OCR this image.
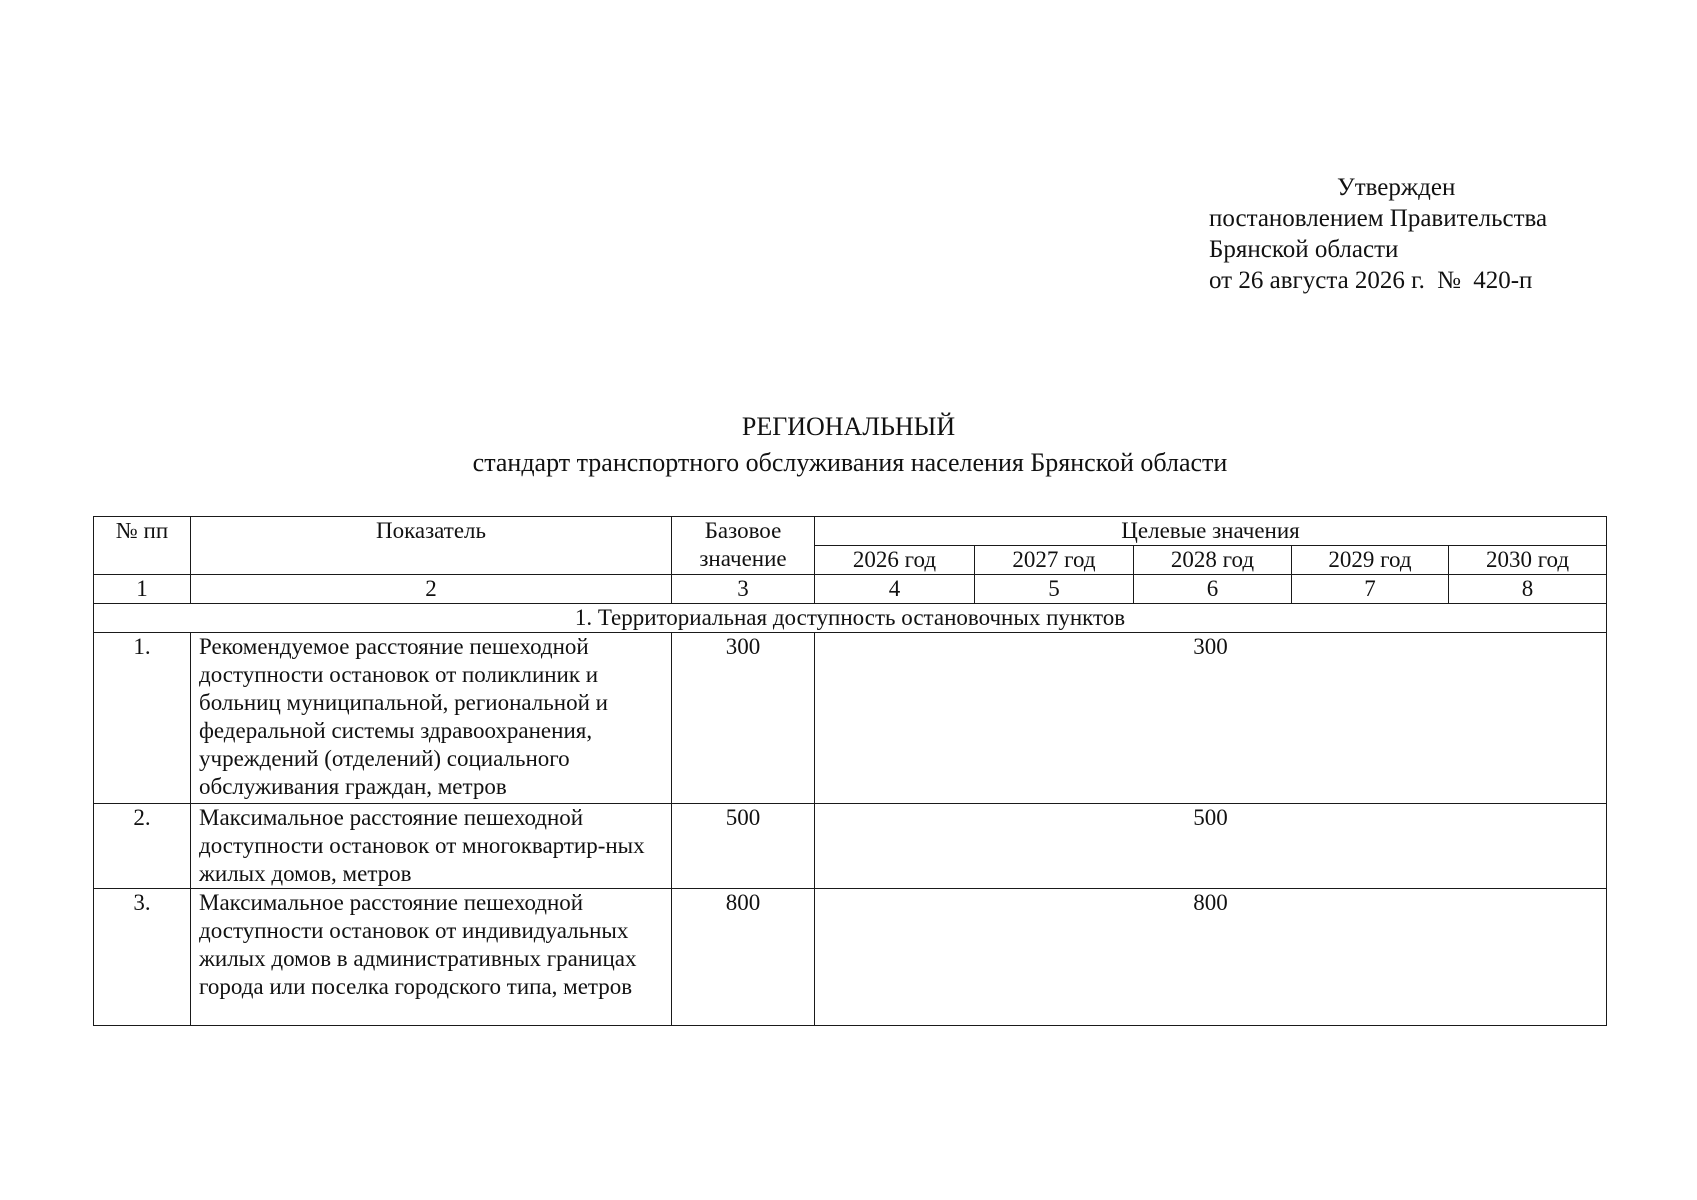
Утвержден
постановлением Правительства
Брянской области
от 26 августа 2026 г. № 420-п
РЕГИОНАЛЬНЫЙ
стандарт транспортного обслуживания населения Брянской области
№ пп	Показатель	Базовое значение	Целевые значения				
			2026 год	2027 год	2028 год	2029 год	2030 год
1	2	3	4	5	6	7	8
1. Территориальная доступность остановочных пунктов							
1.	Рекомендуемое расстояние пешеходной доступности остановок от поликлиник и больниц муниципальной, региональной и федеральной системы здравоохранения, учреждений (отделений) социального обслуживания граждан, метров	300	300				
2.	Максимальное расстояние пешеходной доступности остановок от многоквартир-ных жилых домов, метров	500	500				
3.	Максимальное расстояние пешеходной доступности остановок от индивидуальных жилых домов в административных границах города или поселка городского типа, метров	800	800				
